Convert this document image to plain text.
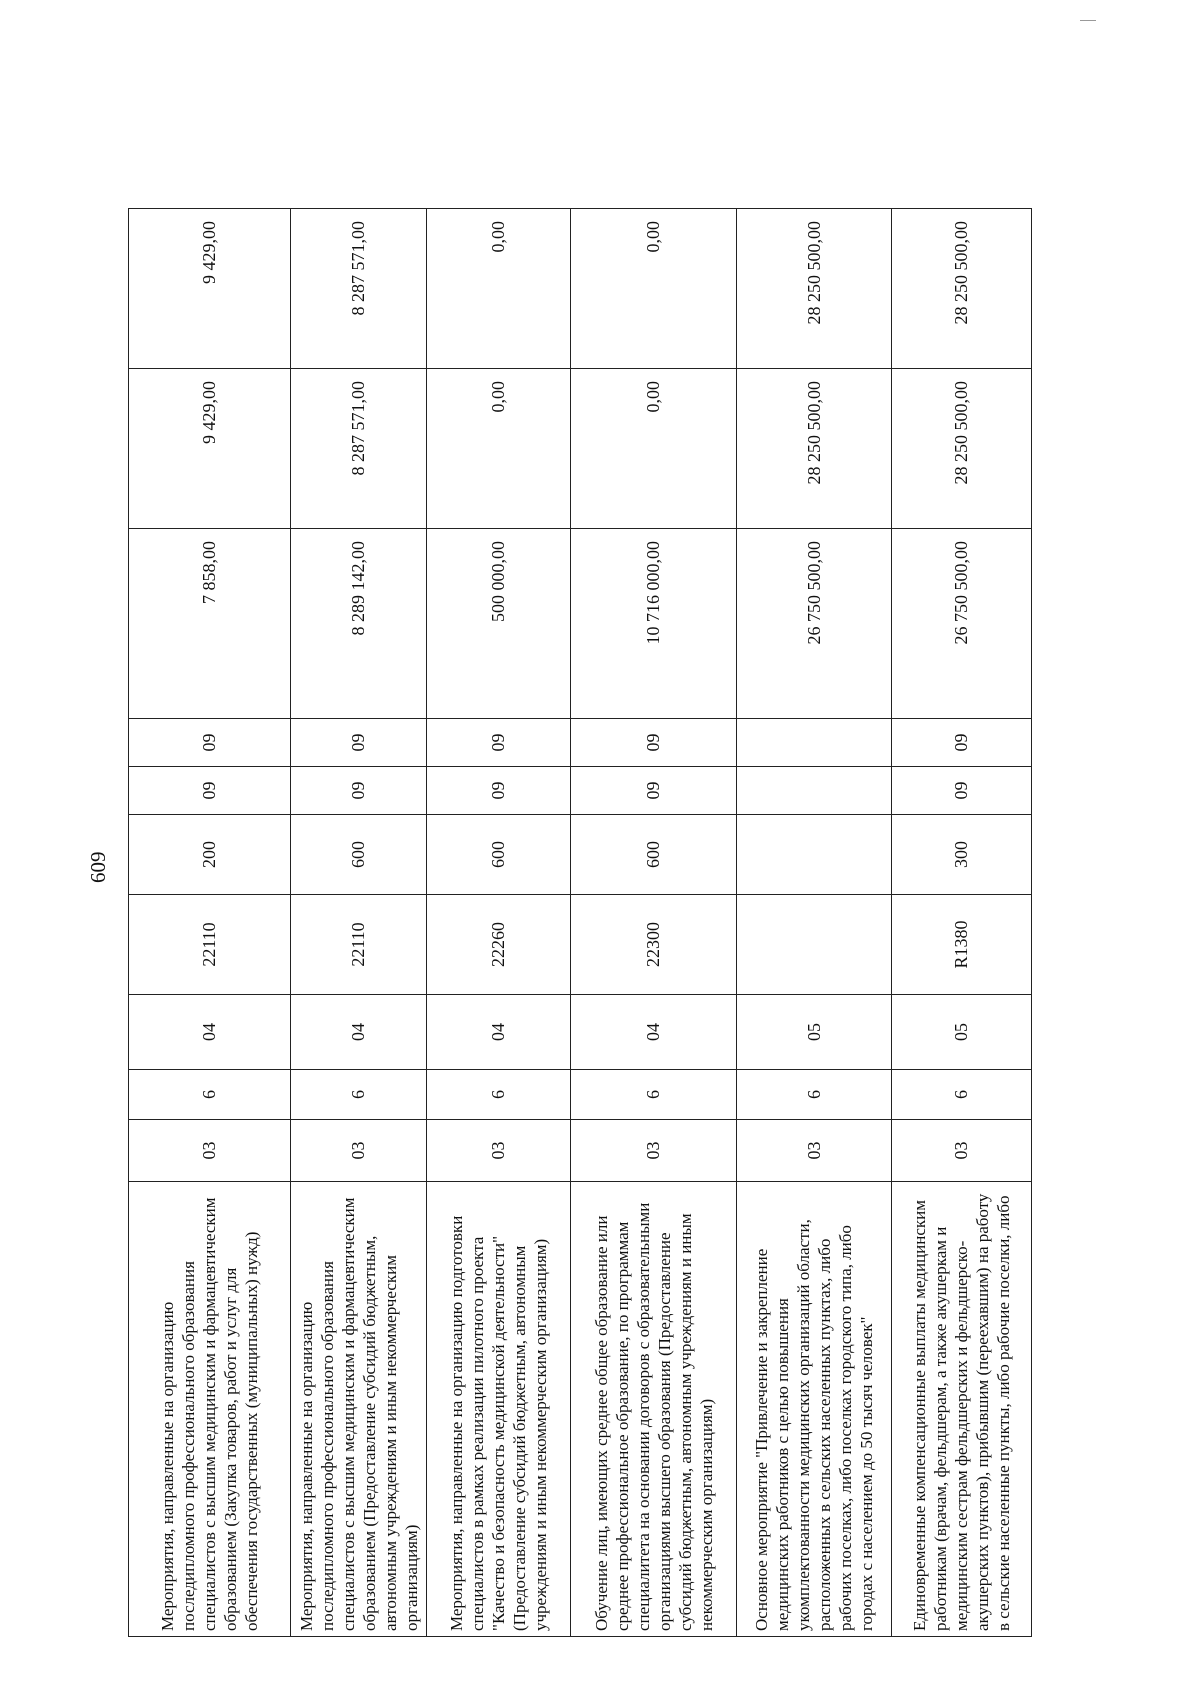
609
Мероприятия, направленные на организацию последипломного профессионального образования специалистов с высшим медицинским и фармацевтическим образованием (Закупка товаров, работ и услуг для обеспечения государственных (муниципальных) нужд)	03	6	04	22110	200	09	09	7 858,00	9 429,00	9 429,00
Мероприятия, направленные на организацию последипломного профессионального образования специалистов с высшим медицинским и фармацевтическим образованием (Предоставление субсидий бюджетным, автономным учреждениям и иным некоммерческим организациям)	03	6	04	22110	600	09	09	8 289 142,00	8 287 571,00	8 287 571,00
Мероприятия, направленные на организацию подготовки специалистов в рамках реализации пилотного проекта "Качество и безопасность медицинской деятельности" (Предоставление субсидий бюджетным, автономным учреждениям и иным некоммерческим организациям)	03	6	04	22260	600	09	09	500 000,00	0,00	0,00
Обучение лиц, имеющих среднее общее образование или среднее профессиональное образование, по программам специалитета на основании договоров с образовательными организациями высшего образования (Предоставление субсидий бюджетным, автономным учреждениям и иным некоммерческим организациям)	03	6	04	22300	600	09	09	10 716 000,00	0,00	0,00
Основное мероприятие "Привлечение и закрепление медицинских работников с целью повышения укомплектованности медицинских организаций области, расположенных в сельских населенных пунктах, либо рабочих поселках, либо поселках городского типа, либо городах с населением до 50 тысяч человек"	03	6	05					26 750 500,00	28 250 500,00	28 250 500,00
Единовременные компенсационные выплаты медицинским работникам (врачам, фельдшерам, а также акушеркам и медицинским сестрам фельдшерских и фельдшерско-акушерских пунктов), прибывшим (переехавшим) на работу в сельские населенные пункты, либо рабочие поселки, либо	03	6	05	R1380	300	09	09	26 750 500,00	28 250 500,00	28 250 500,00
